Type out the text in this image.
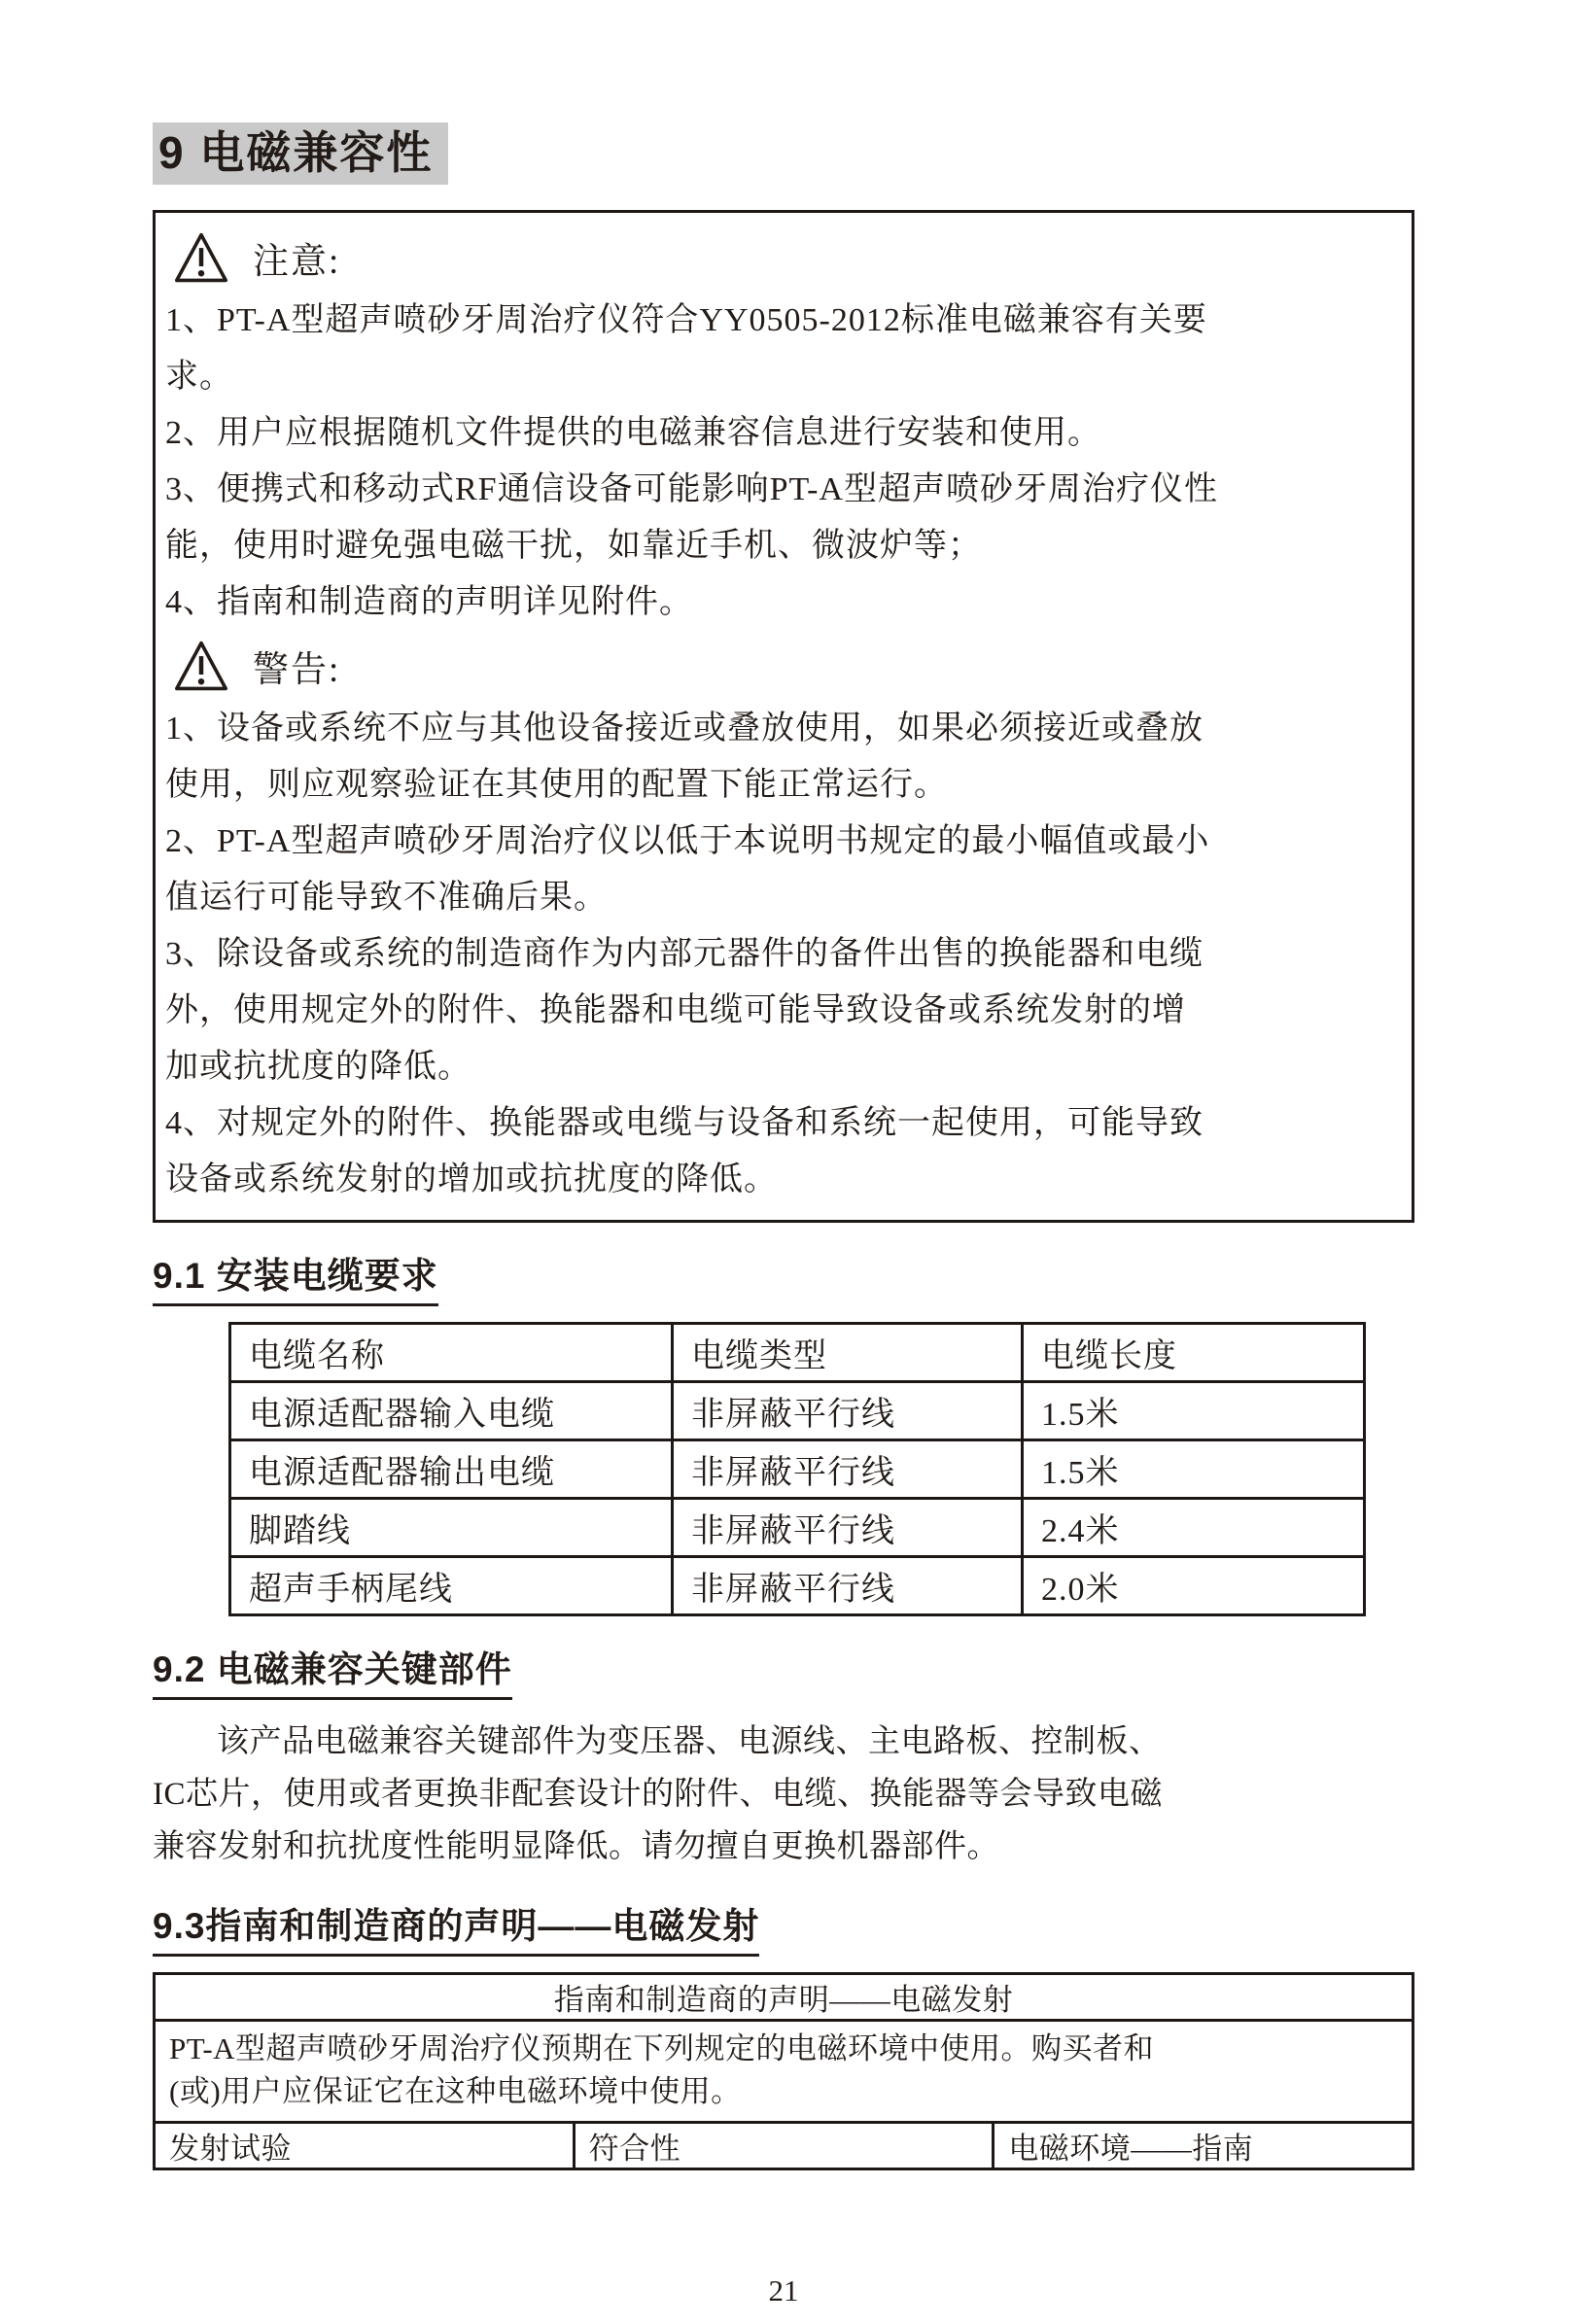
9 电磁兼容性
注意:
1、PT-A型超声喷砂牙周治疗仪符合YY0505-2012标准电磁兼容有关要
求。
2、用户应根据随机文件提供的电磁兼容信息进行安装和使用。
3、便携式和移动式RF通信设备可能影响PT-A型超声喷砂牙周治疗仪性
能，使用时避免强电磁干扰，如靠近手机、微波炉等；
4、指南和制造商的声明详见附件。
警告:
1、设备或系统不应与其他设备接近或叠放使用，如果必须接近或叠放
使用，则应观察验证在其使用的配置下能正常运行。
2、PT-A型超声喷砂牙周治疗仪以低于本说明书规定的最小幅值或最小
值运行可能导致不准确后果。
3、除设备或系统的制造商作为内部元器件的备件出售的换能器和电缆
外，使用规定外的附件、换能器和电缆可能导致设备或系统发射的增
加或抗扰度的降低。
4、对规定外的附件、换能器或电缆与设备和系统一起使用，可能导致
设备或系统发射的增加或抗扰度的降低。
9.1 安装电缆要求
电缆名称	电缆类型	电缆长度
电源适配器输入电缆	非屏蔽平行线	1.5米
电源适配器输出电缆	非屏蔽平行线	1.5米
脚踏线	非屏蔽平行线	2.4米
超声手柄尾线	非屏蔽平行线	2.0米
9.2 电磁兼容关键部件
该产品电磁兼容关键部件为变压器、电源线、主电路板、控制板、
IC芯片，使用或者更换非配套设计的附件、电缆、换能器等会导致电磁
兼容发射和抗扰度性能明显降低。请勿擅自更换机器部件。
9.3指南和制造商的声明——电磁发射
指南和制造商的声明——电磁发射

PT-A型超声喷砂牙周治疗仪预期在下列规定的电磁环境中使用。购买者和
(或)用户应保证它在这种电磁环境中使用。

发射试验	符合性	电磁环境——指南
21
